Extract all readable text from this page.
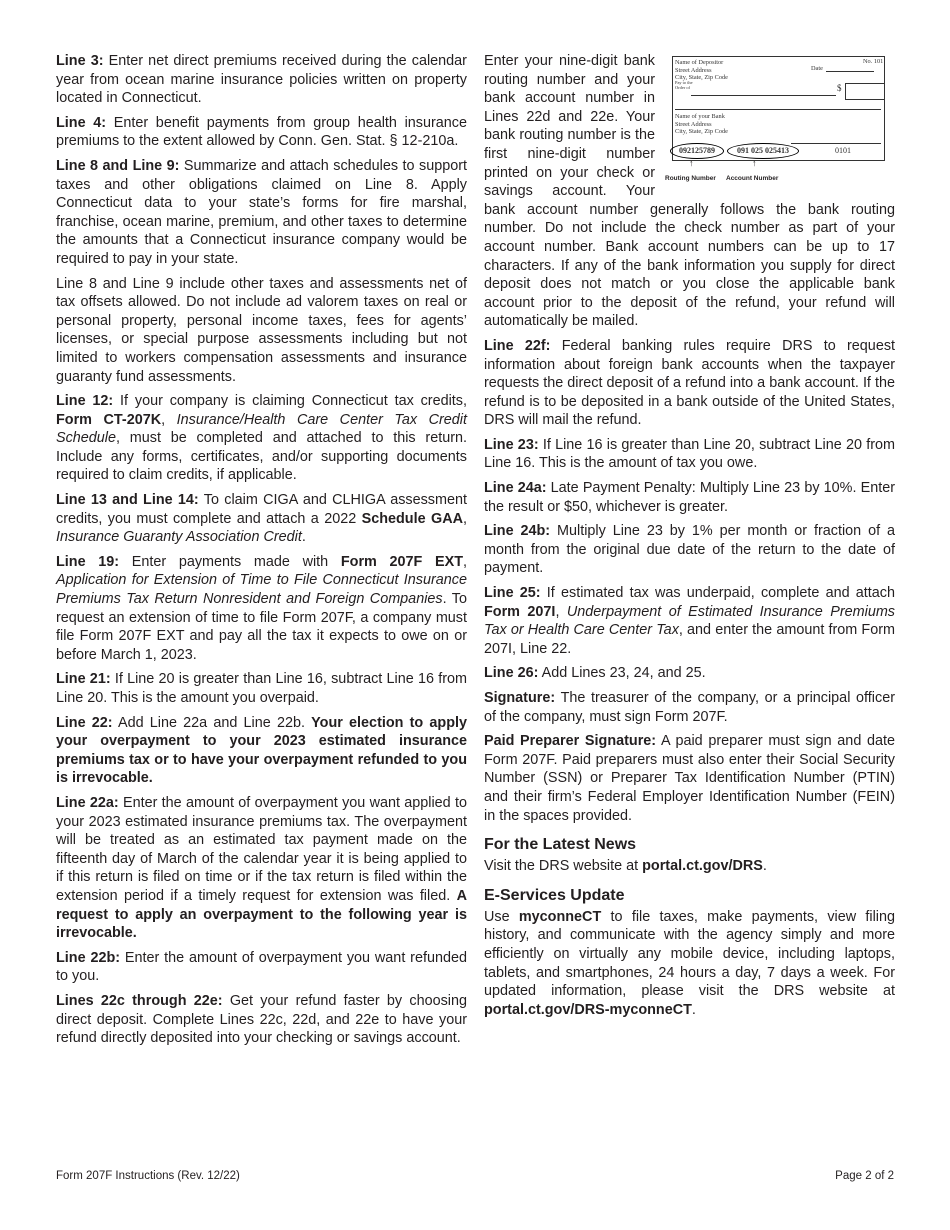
Line 3: Enter net direct premiums received during the calendar year from ocean marine insurance policies written on property located in Connecticut.

Line 4: Enter benefit payments from group health insurance premiums to the extent allowed by Conn. Gen. Stat. § 12-210a.

Line 8 and Line 9: Summarize and attach schedules to support taxes and other obligations claimed on Line 8. Apply Connecticut data to your state’s forms for fire marshal, franchise, ocean marine, premium, and other taxes to determine the amounts that a Connecticut insurance company would be required to pay in your state.

Line 8 and Line 9 include other taxes and assessments net of tax offsets allowed. Do not include ad valorem taxes on real or personal property, personal income taxes, fees for agents’ licenses, or special purpose assessments including but not limited to workers compensation assessments and insurance guaranty fund assessments.

Line 12: If your company is claiming Connecticut tax credits, Form CT-207K, Insurance/Health Care Center Tax Credit Schedule, must be completed and attached to this return. Include any forms, certificates, and/or supporting documents required to claim credits, if applicable.

Line 13 and Line 14: To claim CIGA and CLHIGA assessment credits, you must complete and attach a 2022 Schedule GAA, Insurance Guaranty Association Credit.

Line 19: Enter payments made with Form 207F EXT, Application for Extension of Time to File Connecticut Insurance Premiums Tax Return Nonresident and Foreign Companies. To request an extension of time to file Form 207F, a company must file Form 207F EXT and pay all the tax it expects to owe on or before March 1, 2023.

Line 21: If Line 20 is greater than Line 16, subtract Line 16 from Line 20. This is the amount you overpaid.

Line 22: Add Line 22a and Line 22b. Your election to apply your overpayment to your 2023 estimated insurance premiums tax or to have your overpayment refunded to you is irrevocable.

Line 22a: Enter the amount of overpayment you want applied to your 2023 estimated insurance premiums tax. The overpayment will be treated as an estimated tax payment made on the fifteenth day of March of the calendar year it is being applied to if this return is filed on time or if the tax return is filed within the extension period if a timely request for extension was filed. A request to apply an overpayment to the following year is irrevocable.

Line 22b: Enter the amount of overpayment you want refunded to you.

Lines 22c through 22e: Get your refund faster by choosing direct deposit. Complete Lines 22c, 22d, and 22e to have your refund directly deposited into your checking or savings account.

Name of Depositor
Street Address
City, State, Zip Code
No. 101
Date
Pay to the
Order of	$
Name of your Bank
Street Address
City, State, Zip Code
092125789	091 025 025413	0101
↑	↑
Routing Number Account Number

Enter your nine-digit bank routing number and your bank account number in Lines 22d and 22e. Your bank routing number is the first nine-digit number printed on your check or savings account. Your bank account number generally follows the bank routing number. Do not include the check number as part of your account number. Bank account numbers can be up to 17 characters. If any of the bank information you supply for direct deposit does not match or you close the applicable bank account prior to the deposit of the refund, your refund will automatically be mailed.

Line 22f: Federal banking rules require DRS to request information about foreign bank accounts when the taxpayer requests the direct deposit of a refund into a bank account. If the refund is to be deposited in a bank outside of the United States, DRS will mail the refund.

Line 23: If Line 16 is greater than Line 20, subtract Line 20 from Line 16. This is the amount of tax you owe.

Line 24a: Late Payment Penalty: Multiply Line 23 by 10%. Enter the result or $50, whichever is greater.

Line 24b: Multiply Line 23 by 1% per month or fraction of a month from the original due date of the return to the date of payment.

Line 25: If estimated tax was underpaid, complete and attach Form 207I, Underpayment of Estimated Insurance Premiums Tax or Health Care Center Tax, and enter the amount from Form 207I, Line 22.

Line 26: Add Lines 23, 24, and 25.

Signature: The treasurer of the company, or a principal officer of the company, must sign Form 207F.

Paid Preparer Signature: A paid preparer must sign and date Form 207F. Paid preparers must also enter their Social Security Number (SSN) or Preparer Tax Identification Number (PTIN) and their firm’s Federal Employer Identification Number (FEIN) in the spaces provided.

For the Latest News

Visit the DRS website at portal.ct.gov/DRS.

E-Services Update

Use myconneCT to file taxes, make payments, view filing history, and communicate with the agency simply and more efficiently on virtually any mobile device, including laptops, tablets, and smartphones, 24 hours a day, 7 days a week. For updated information, please visit the DRS website at portal.ct.gov/DRS-myconneCT.

Form 207F Instructions (Rev. 12/22)	Page 2 of 2
